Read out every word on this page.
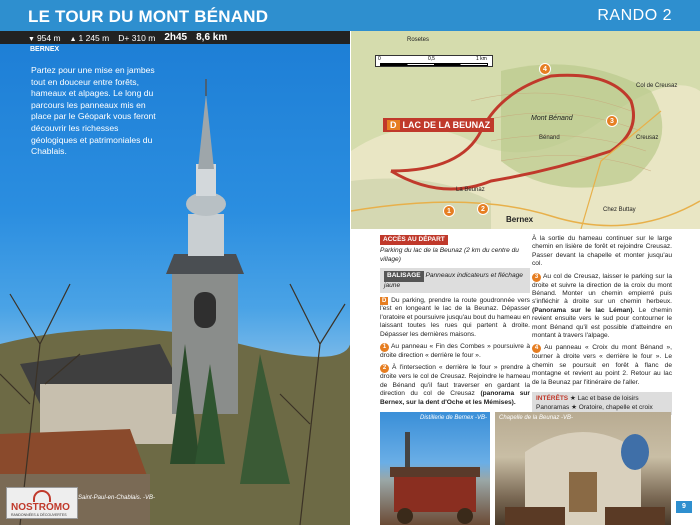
LE TOUR DU MONT BÉNAND	RANDO 2
▼ 954 m ▲ 1 245 m D+ 310 m 2h45 8,6 km
BERNEX
Partez pour une mise en jambes tout en douceur entre forêts, hameaux et alpages. Le long du parcours les panneaux mis en place par le Géopark vous feront découvrir les richesses géologiques et patrimoniales du Chablais.
Saint-Paul-en-Chablais. -VB-
NOSTROMO
RANDONNÉES & DÉCOUVERTES
0	0,5	1 km
D LAC DE LA BEUNAZ
Rosetes
Col de Creusaz
Mont Bénand
Bénand	Creusaz
Chez Buttay
Bernex
La Beunaz
1	2
3
4
ACCÈS AU DÉPART
Parking du lac de la Beunaz (2 km du centre du village)
BALISAGE Panneaux indicateurs et fléchage jaune
D Du parking, prendre la route goudronnée vers l'est en longeant le lac de la Beunaz. Dépasser l'oratoire et poursuivre jusqu'au bout du hameau en laissant toutes les rues qui partent à droite. Dépasser les dernières maisons.
1 Au panneau « Fin des Combes » poursuivre à droite direction « derrière le four ».
2 À l'intersection « derrière le four » prendre à droite vers le col de Creusaz. Rejoindre le hameau de Bénand qu'il faut traverser en gardant la direction du col de Creusaz (panorama sur Bernex, sur la dent d'Oche et les Mémises).
À la sortie du hameau continuer sur le large chemin en lisière de forêt et rejoindre Creusaz. Passer devant la chapelle et monter jusqu'au col.
3 Au col de Creusaz, laisser le parking sur la droite et suivre la direction de la croix du mont Bénand. Monter un chemin empierré puis s'infléchir à droite sur un chemin herbeux. (Panorama sur le lac Léman). Le chemin revient ensuite vers le sud pour contourner le mont Bénand qu'il est possible d'atteindre en montant à travers l'alpage.
4 Au panneau « Croix du mont Bénand », tourner à droite vers « derrière le four ». Le chemin se poursuit en forêt à flanc de montagne et revient au point 2. Retour au lac de la Beunaz par l'itinéraire de l'aller.
INTÉRÊTS ★ Lac et base de loisirs
Panoramas ★ Oratoire, chapelle et croix
Distillerie de Bernex -VB- Chapelle de la Beunaz -VB-
9
